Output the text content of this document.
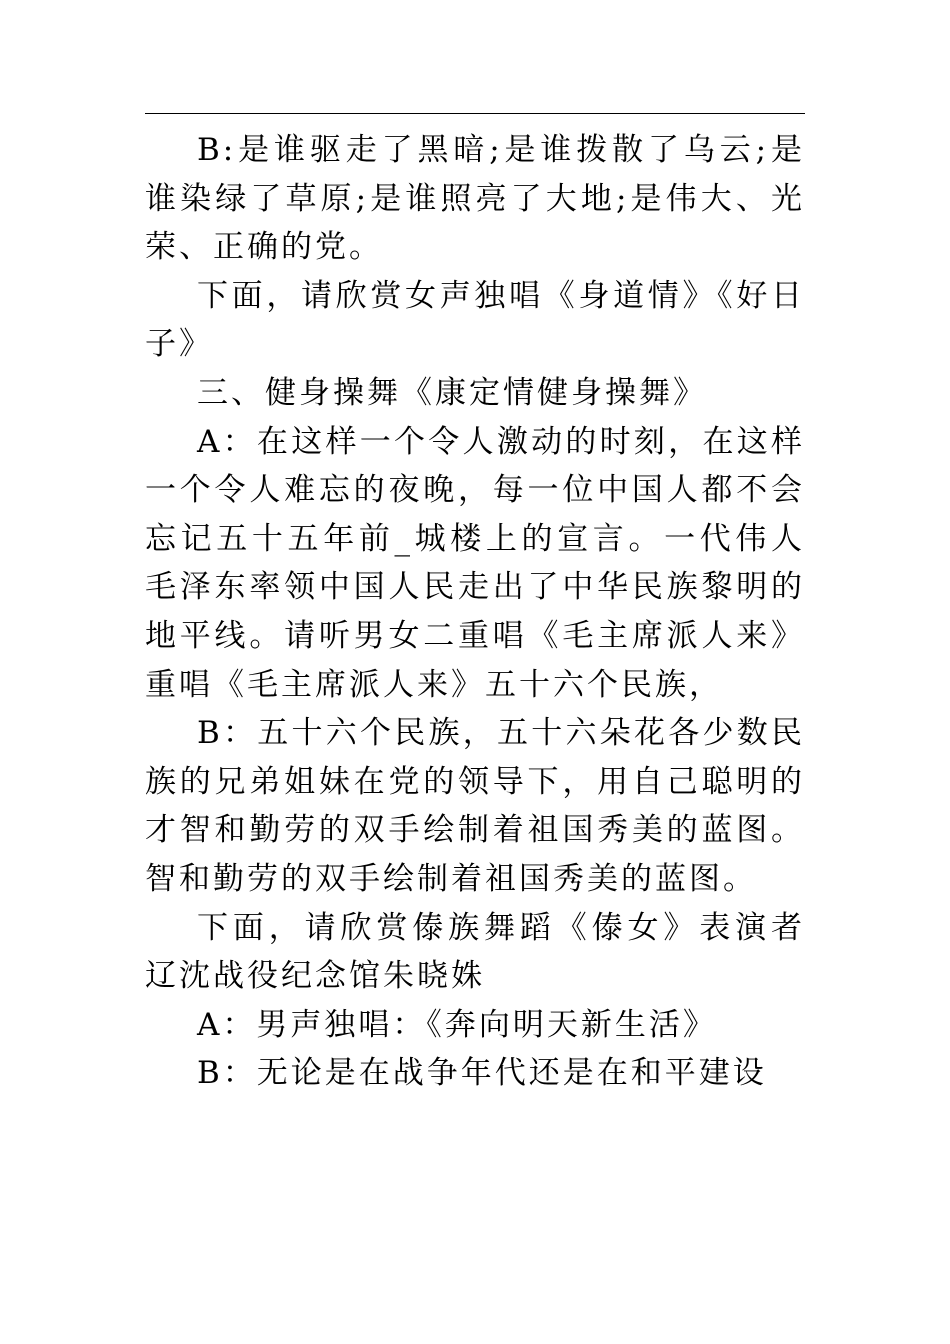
B:是谁驱走了黑暗;是谁拨散了乌云;是谁染绿了草原;是谁照亮了大地;是伟大、光荣、正确的党。

下面，请欣赏女声独唱《身道情》《好日子》

三、健身操舞《康定情健身操舞》

A：在这样一个令人激动的时刻，在这样一个令人难忘的夜晚，每一位中国人都不会忘记五十五年前_城楼上的宣言。一代伟人毛泽东率领中国人民走出了中华民族黎明的地平线。请听男女二重唱《毛主席派人来》重唱《毛主席派人来》五十六个民族，

B：五十六个民族，五十六朵花各少数民族的兄弟姐妹在党的领导下，用自己聪明的才智和勤劳的双手绘制着祖国秀美的蓝图。智和勤劳的双手绘制着祖国秀美的蓝图。

下面，请欣赏傣族舞蹈《傣女》表演者辽沈战役纪念馆朱晓姝

A：男声独唱：《奔向明天新生活》

B：无论是在战争年代还是在和平建设
